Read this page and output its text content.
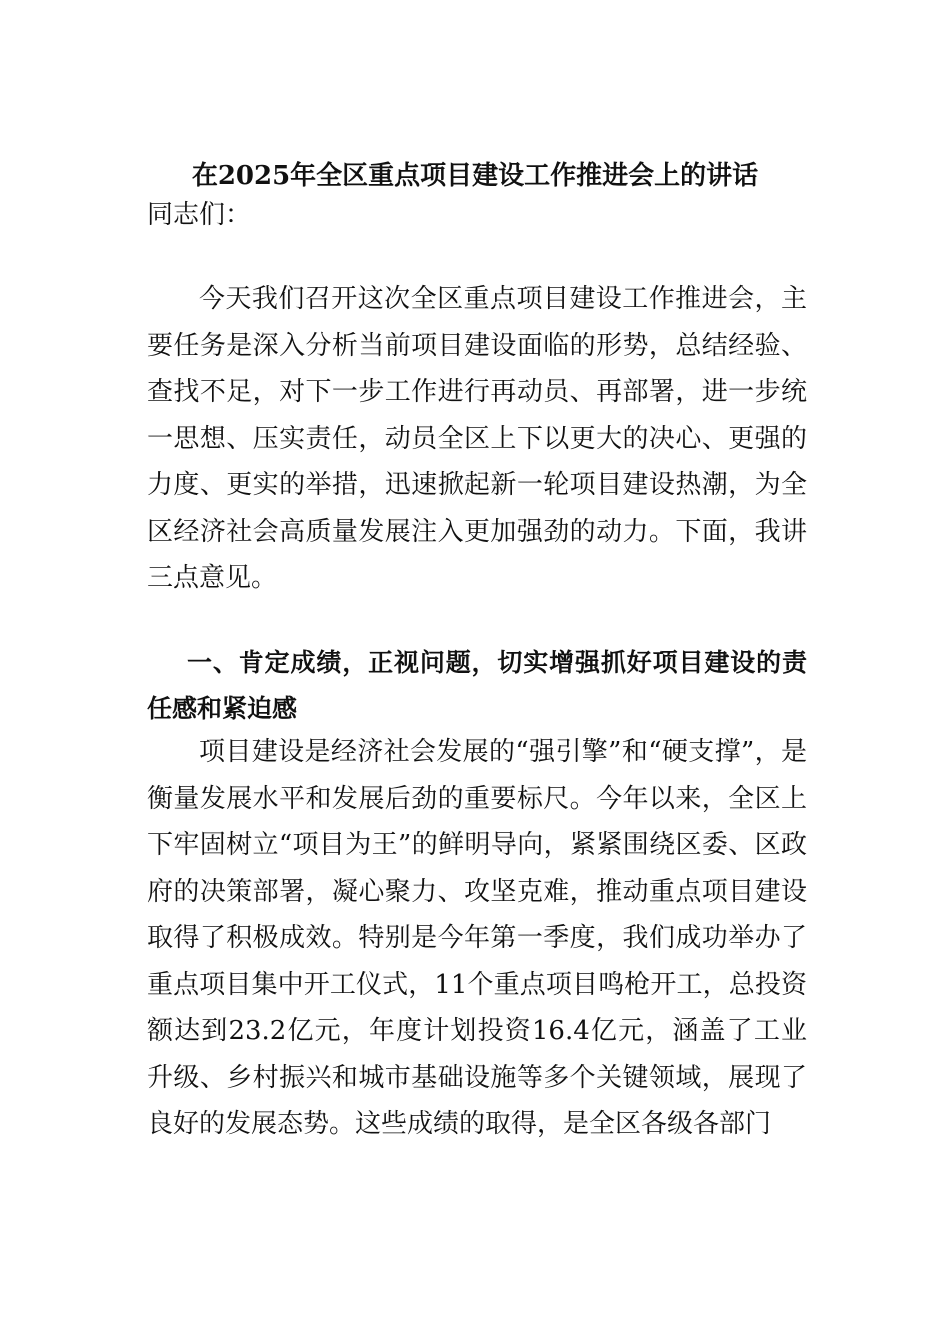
在2025年全区重点项目建设工作推进会上的讲话

同志们：

今天我们召开这次全区重点项目建设工作推进会，主要任务是深入分析当前项目建设面临的形势，总结经验、查找不足，对下一步工作进行再动员、再部署，进一步统一思想、压实责任，动员全区上下以更大的决心、更强的力度、更实的举措，迅速掀起新一轮项目建设热潮，为全区经济社会高质量发展注入更加强劲的动力。下面，我讲三点意见。

一、肯定成绩，正视问题，切实增强抓好项目建设的责任感和紧迫感

项目建设是经济社会发展的“强引擎”和“硬支撑”，是衡量发展水平和发展后劲的重要标尺。今年以来，全区上下牢固树立“项目为王”的鲜明导向，紧紧围绕区委、区政府的决策部署，凝心聚力、攻坚克难，推动重点项目建设取得了积极成效。特别是今年第一季度，我们成功举办了重点项目集中开工仪式，11个重点项目鸣枪开工，总投资额达到23.2亿元，年度计划投资16.4亿元，涵盖了工业升级、乡村振兴和城市基础设施等多个关键领域，展现了良好的发展态势。这些成绩的取得，是全区各级各部门
